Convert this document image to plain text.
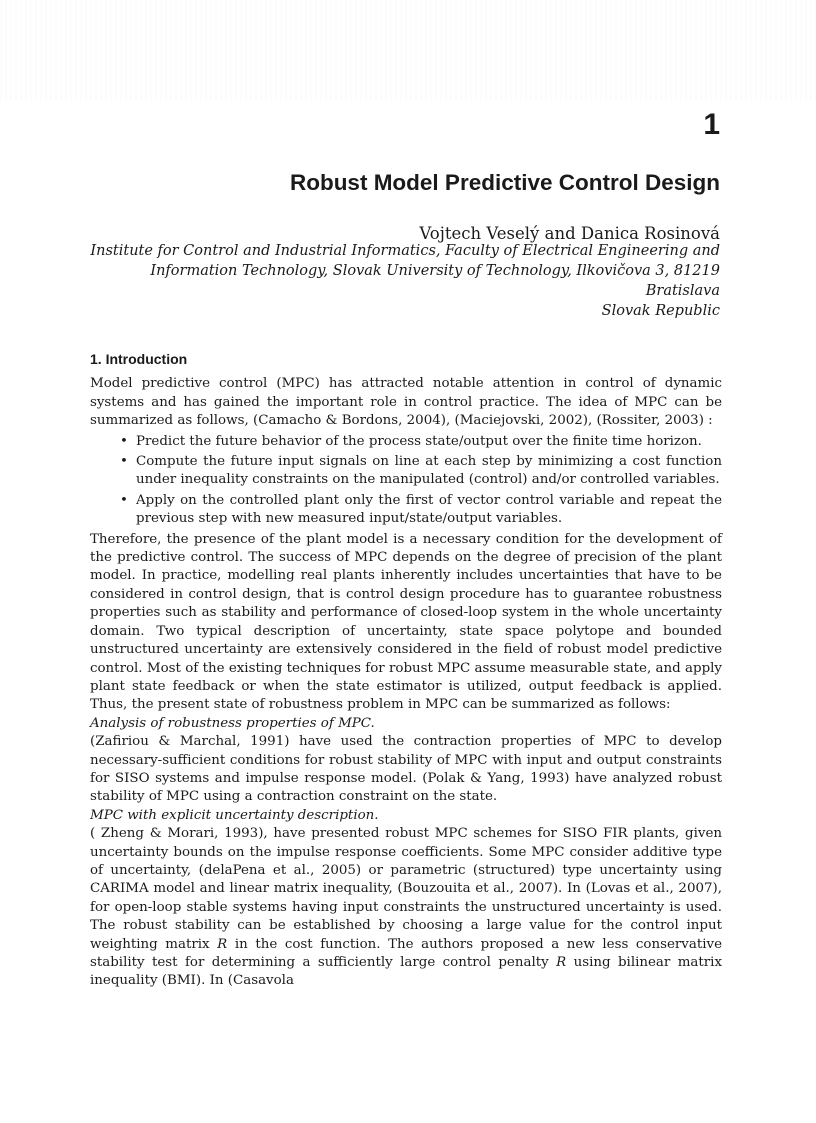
1
Robust Model Predictive Control Design
Vojtech Veselý and Danica Rosinová
Institute for Control and Industrial Informatics, Faculty of Electrical Engineering and
Information Technology, Slovak University of Technology, Ilkovičova 3, 81219 Bratislava
Slovak Republic
1. Introduction

Model predictive control (MPC) has attracted notable attention in control of dynamic systems and has gained the important role in control practice. The idea of MPC can be summarized as follows, (Camacho & Bordons, 2004), (Maciejovski, 2002), (Rossiter, 2003) :

• Predict the future behavior of the process state/output over the finite time horizon.
• Compute the future input signals on line at each step by minimizing a cost function under inequality constraints on the manipulated (control) and/or controlled variables.
• Apply on the controlled plant only the first of vector control variable and repeat the previous step with new measured input/state/output variables.

Therefore, the presence of the plant model is a necessary condition for the development of the predictive control. The success of MPC depends on the degree of precision of the plant model. In practice, modelling real plants inherently includes uncertainties that have to be considered in control design, that is control design procedure has to guarantee robustness properties such as stability and performance of closed-loop system in the whole uncertainty domain. Two typical description of uncertainty, state space polytope and bounded unstructured uncertainty are extensively considered in the field of robust model predictive control. Most of the existing techniques for robust MPC assume measurable state, and apply plant state feedback or when the state estimator is utilized, output feedback is applied. Thus, the present state of robustness problem in MPC can be summarized as follows:

Analysis of robustness properties of MPC.

(Zafiriou & Marchal, 1991) have used the contraction properties of MPC to develop necessary-sufficient conditions for robust stability of MPC with input and output constraints for SISO systems and impulse response model. (Polak & Yang, 1993) have analyzed robust stability of MPC using a contraction constraint on the state.

MPC with explicit uncertainty description.

( Zheng & Morari, 1993), have presented robust MPC schemes for SISO FIR plants, given uncertainty bounds on the impulse response coefficients. Some MPC consider additive type of uncertainty, (delaPena et al., 2005) or parametric (structured) type uncertainty using CARIMA model and linear matrix inequality, (Bouzouita et al., 2007). In (Lovas et al., 2007), for open-loop stable systems having input constraints the unstructured uncertainty is used. The robust stability can be established by choosing a large value for the control input weighting matrix R in the cost function. The authors proposed a new less conservative stability test for determining a sufficiently large control penalty R using bilinear matrix inequality (BMI). In (Casavola
